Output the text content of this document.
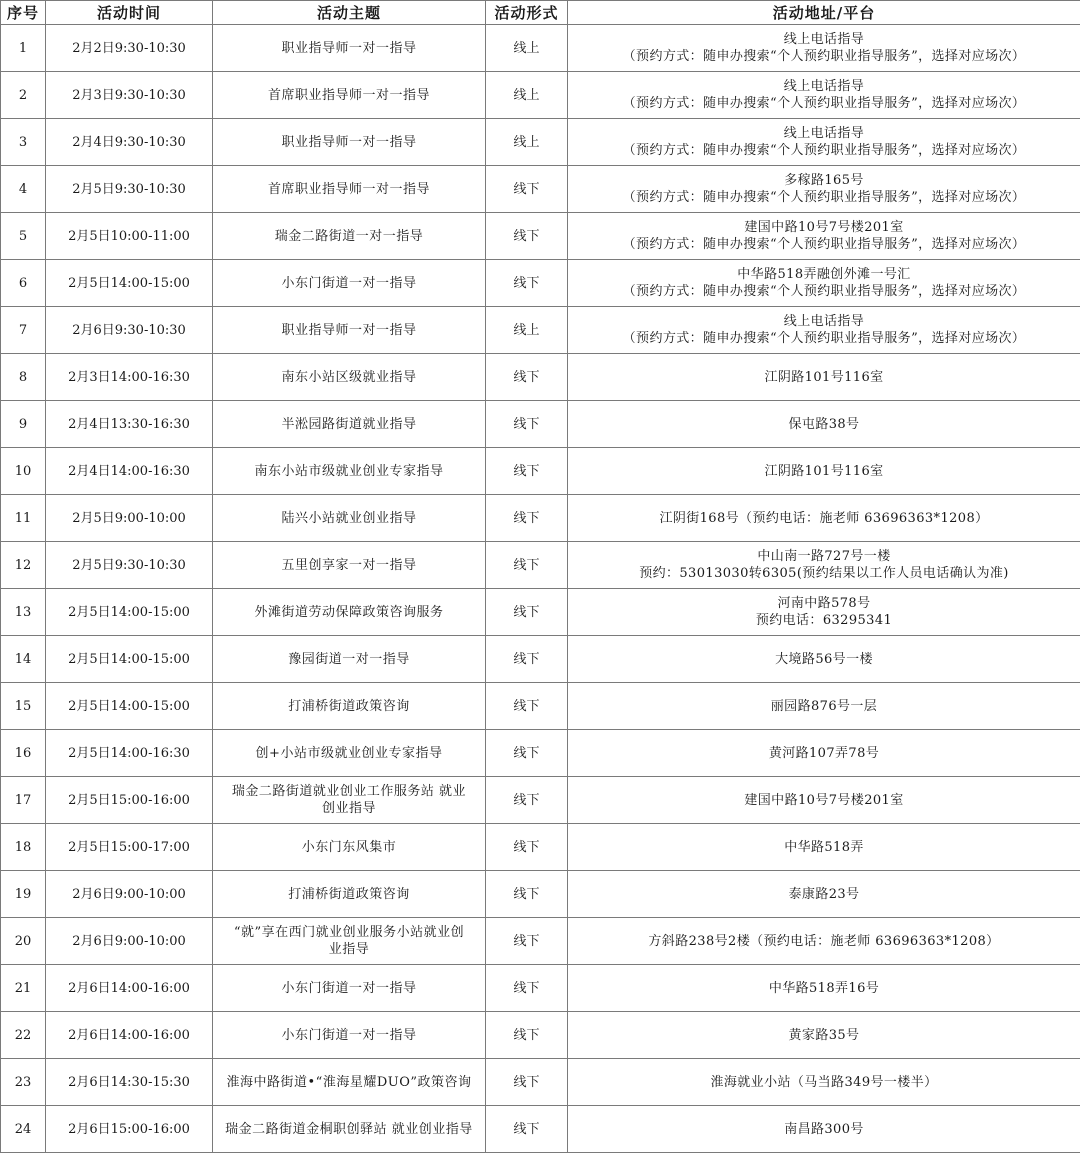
序号	活动时间	活动主题	活动形式	活动地址/平台
1	2月2日9:30-10:30	职业指导师一对一指导	线上	线上电话指导
（预约方式：随申办搜索“个人预约职业指导服务”，选择对应场次）

2	2月3日9:30-10:30	首席职业指导师一对一指导	线上	线上电话指导
（预约方式：随申办搜索“个人预约职业指导服务”，选择对应场次）

3	2月4日9:30-10:30	职业指导师一对一指导	线上	线上电话指导
（预约方式：随申办搜索“个人预约职业指导服务”，选择对应场次）

4	2月5日9:30-10:30	首席职业指导师一对一指导	线下	多稼路165号
（预约方式：随申办搜索“个人预约职业指导服务”，选择对应场次）

5	2月5日10:00-11:00	瑞金二路街道一对一指导	线下	建国中路10号7号楼201室
（预约方式：随申办搜索“个人预约职业指导服务”，选择对应场次）

6	2月5日14:00-15:00	小东门街道一对一指导	线下	中华路518弄融创外滩一号汇
（预约方式：随申办搜索“个人预约职业指导服务”，选择对应场次）

7	2月6日9:30-10:30	职业指导师一对一指导	线上	线上电话指导
（预约方式：随申办搜索“个人预约职业指导服务”，选择对应场次）

8	2月3日14:00-16:30	南东小站区级就业指导	线下	江阴路101号116室

9	2月4日13:30-16:30	半淞园路街道就业指导	线下	保屯路38号

10	2月4日14:00-16:30	南东小站市级就业创业专家指导	线下	江阴路101号116室

11	2月5日9:00-10:00	陆兴小站就业创业指导	线下	江阴街168号（预约电话：施老师 63696363*1208）

12	2月5日9:30-10:30	五里创享家一对一指导	线下	中山南一路727号一楼
预约：53013030转6305(预约结果以工作人员电话确认为准)

13	2月5日14:00-15:00	外滩街道劳动保障政策咨询服务	线下	河南中路578号
预约电话：63295341

14	2月5日14:00-15:00	豫园街道一对一指导	线下	大境路56号一楼

15	2月5日14:00-15:00	打浦桥街道政策咨询	线下	丽园路876号一层

16	2月5日14:00-16:30	创+小站市级就业创业专家指导	线下	黄河路107弄78号

17	2月5日15:00-16:00	瑞金二路街道就业创业工作服务站 就业
创业指导	线下	建国中路10号7号楼201室

18	2月5日15:00-17:00	小东门东风集市	线下	中华路518弄

19	2月6日9:00-10:00	打浦桥街道政策咨询	线下	泰康路23号

20	2月6日9:00-10:00	“就”享在西门就业创业服务小站就业创
业指导	线下	方斜路238号2楼（预约电话：施老师 63696363*1208）

21	2月6日14:00-16:00	小东门街道一对一指导	线下	中华路518弄16号

22	2月6日14:00-16:00	小东门街道一对一指导	线下	黄家路35号

23	2月6日14:30-15:30	淮海中路街道•“淮海星耀DUO”政策咨询	线下	淮海就业小站（马当路349号一楼半）

24	2月6日15:00-16:00	瑞金二路街道金桐职创驿站 就业创业指导	线下	南昌路300号
